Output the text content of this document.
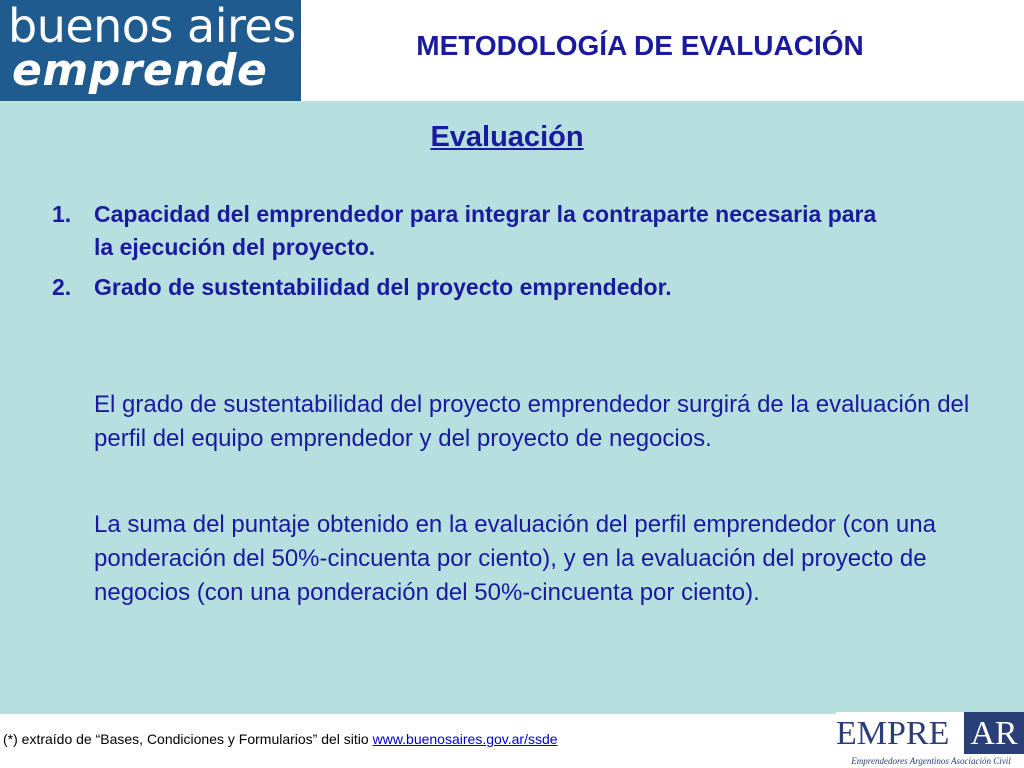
buenos aires
emprende	METODOLOGÍA DE EVALUACIÓN
Evaluación
1. Capacidad del emprendedor para integrar la contraparte necesaria para la ejecución del proyecto.
2. Grado de sustentabilidad del proyecto emprendedor.
El grado de sustentabilidad del proyecto emprendedor surgirá de la evaluación del perfil del equipo emprendedor y del proyecto de negocios.
La suma del puntaje obtenido en la evaluación del perfil emprendedor (con una ponderación del 50%-cincuenta por ciento), y en la evaluación del proyecto de negocios (con una ponderación del 50%-cincuenta por ciento).
(*) extraído de “Bases, Condiciones y Formularios” del sitio www.buenosaires.gov.ar/ssde	EMPRE AR
Emprendedores Argentinos Asociación Civil
